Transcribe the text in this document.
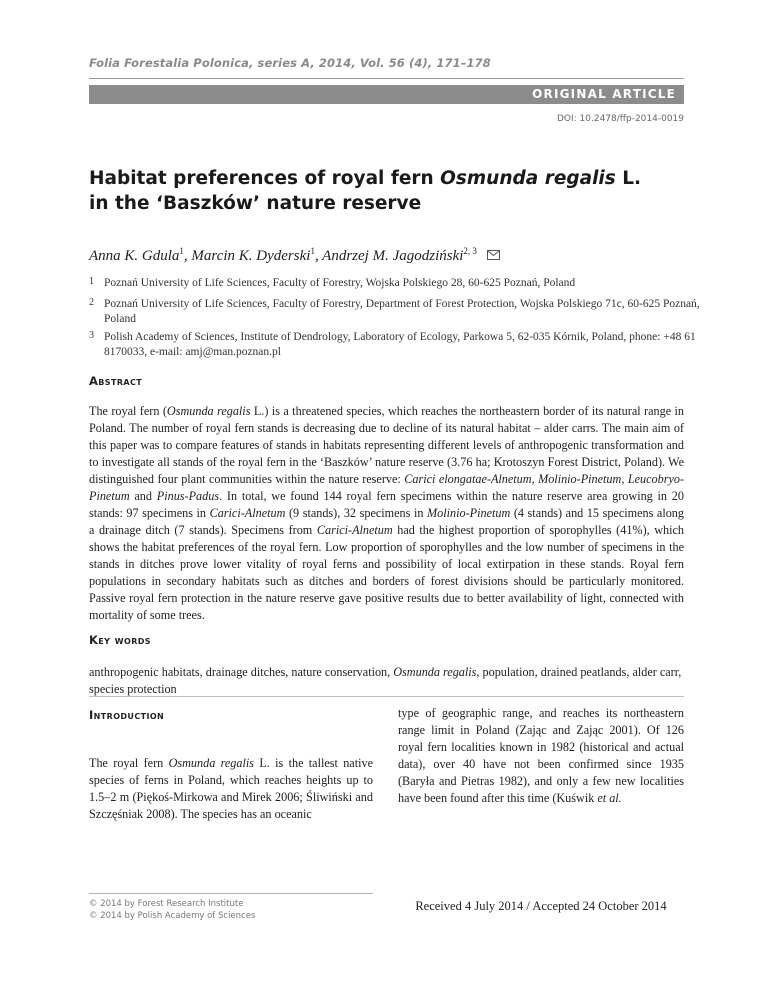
Folia Forestalia Polonica, series A, 2014, Vol. 56 (4), 171–178
ORIGINAL ARTICLE
DOI: 10.2478/ffp-2014-0019
Habitat preferences of royal fern Osmunda regalis L.
in the ‘Baszków’ nature reserve
Anna K. Gdula$^1$, Marcin K. Dyderski$^1$, Andrzej M. Jagodziński$^{2, 3}$
1 Poznań University of Life Sciences, Faculty of Forestry, Wojska Polskiego 28, 60-625 Poznań, Poland
2 Poznań University of Life Sciences, Faculty of Forestry, Department of Forest Protection, Wojska Polskiego 71c, 60-625 Poznań, Poland
3 Polish Academy of Sciences, Institute of Dendrology, Laboratory of Ecology, Parkowa 5, 62-035 Kórnik, Poland, phone: +48 61 8170033, e-mail: amj@man.poznan.pl
Abstract

The royal fern (Osmunda regalis L.) is a threatened species, which reaches the northeastern border of its natural range in Poland. The number of royal fern stands is decreasing due to decline of its natural habitat – alder carrs. The main aim of this paper was to compare features of stands in habitats representing different levels of anthropogenic transformation and to investigate all stands of the royal fern in the ‘Baszków’ nature reserve (3.76 ha; Krotoszyn Forest District, Poland). We distinguished four plant communities within the nature reserve: Carici elongatae-Alnetum, Molinio-Pinetum, Leucobryo-Pinetum and Pinus-Padus. In total, we found 144 royal fern specimens within the nature reserve area growing in 20 stands: 97 specimens in Carici-Alnetum (9 stands), 32 specimens in Molinio-Pinetum (4 stands) and 15 specimens along a drainage ditch (7 stands). Specimens from Carici-Alnetum had the highest proportion of sporophylles (41%), which shows the habitat preferences of the royal fern. Low proportion of sporophylles and the low number of specimens in the stands in ditches prove lower vitality of royal ferns and possibility of local extirpation in these stands. Royal fern populations in secondary habitats such as ditches and borders of forest divisions should be particularly monitored. Passive royal fern protection in the nature reserve gave positive results due to better availability of light, connected with mortality of some trees.

Key words

anthropogenic habitats, drainage ditches, nature conservation, Osmunda regalis, population, drained peatlands, alder carr, species protection

Introduction

The royal fern Osmunda regalis L. is the tallest native species of ferns in Poland, which reaches heights up to 1.5–2 m (Piękoś-Mirkowa and Mirek 2006; Śliwiński and Szczęśniak 2008). The species has an oceanic

type of geographic range, and reaches its northeastern range limit in Poland (Zając and Zając 2001). Of 126 royal fern localities known in 1982 (historical and actual data), over 40 have not been confirmed since 1935 (Baryła and Pietras 1982), and only a few new localities have been found after this time (Kuświk et al.

© 2014 by Forest Research Institute
© 2014 by Polish Academy of Sciences
Received 4 July 2014 / Accepted 24 October 2014
